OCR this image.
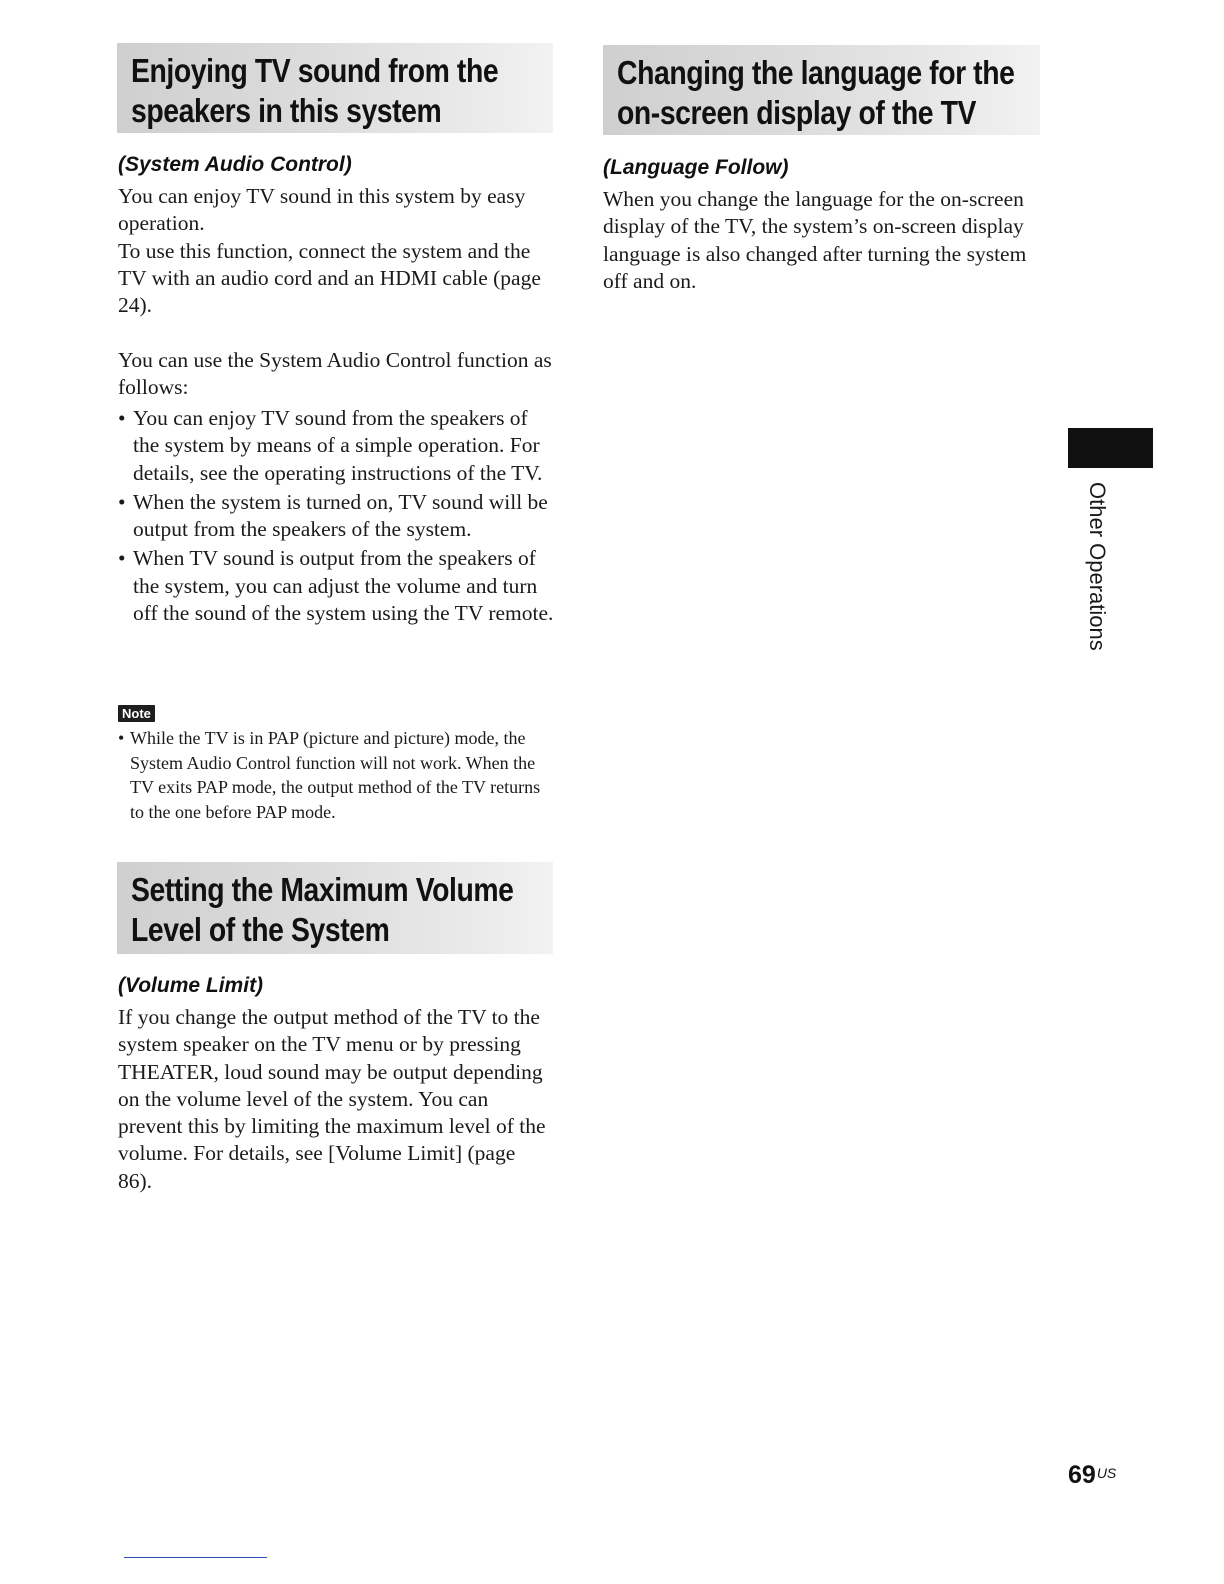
Enjoying TV sound from the
speakers in this system

(System Audio Control)

You can enjoy TV sound in this system by easy operation.
To use this function, connect the system and the TV with an audio cord and an HDMI cable (page 24).

You can use the System Audio Control function as follows:

• You can enjoy TV sound from the speakers of the system by means of a simple operation. For details, see the operating instructions of the TV.
• When the system is turned on, TV sound will be output from the speakers of the system.
• When TV sound is output from the speakers of the system, you can adjust the volume and turn off the sound of the system using the TV remote.
Note
• While the TV is in PAP (picture and picture) mode, the System Audio Control function will not work. When the TV exits PAP mode, the output method of the TV returns to the one before PAP mode.
Setting the Maximum Volume
Level of the System

(Volume Limit)

If you change the output method of the TV to the system speaker on the TV menu or by pressing THEATER, loud sound may be output depending on the volume level of the system. You can prevent this by limiting the maximum level of the volume. For details, see [Volume Limit] (page 86).

Changing the language for the
on-screen display of the TV

(Language Follow)

When you change the language for the on-screen display of the TV, the system’s on-screen display language is also changed after turning the system off and on.

Other Operations
$69^{US}$
